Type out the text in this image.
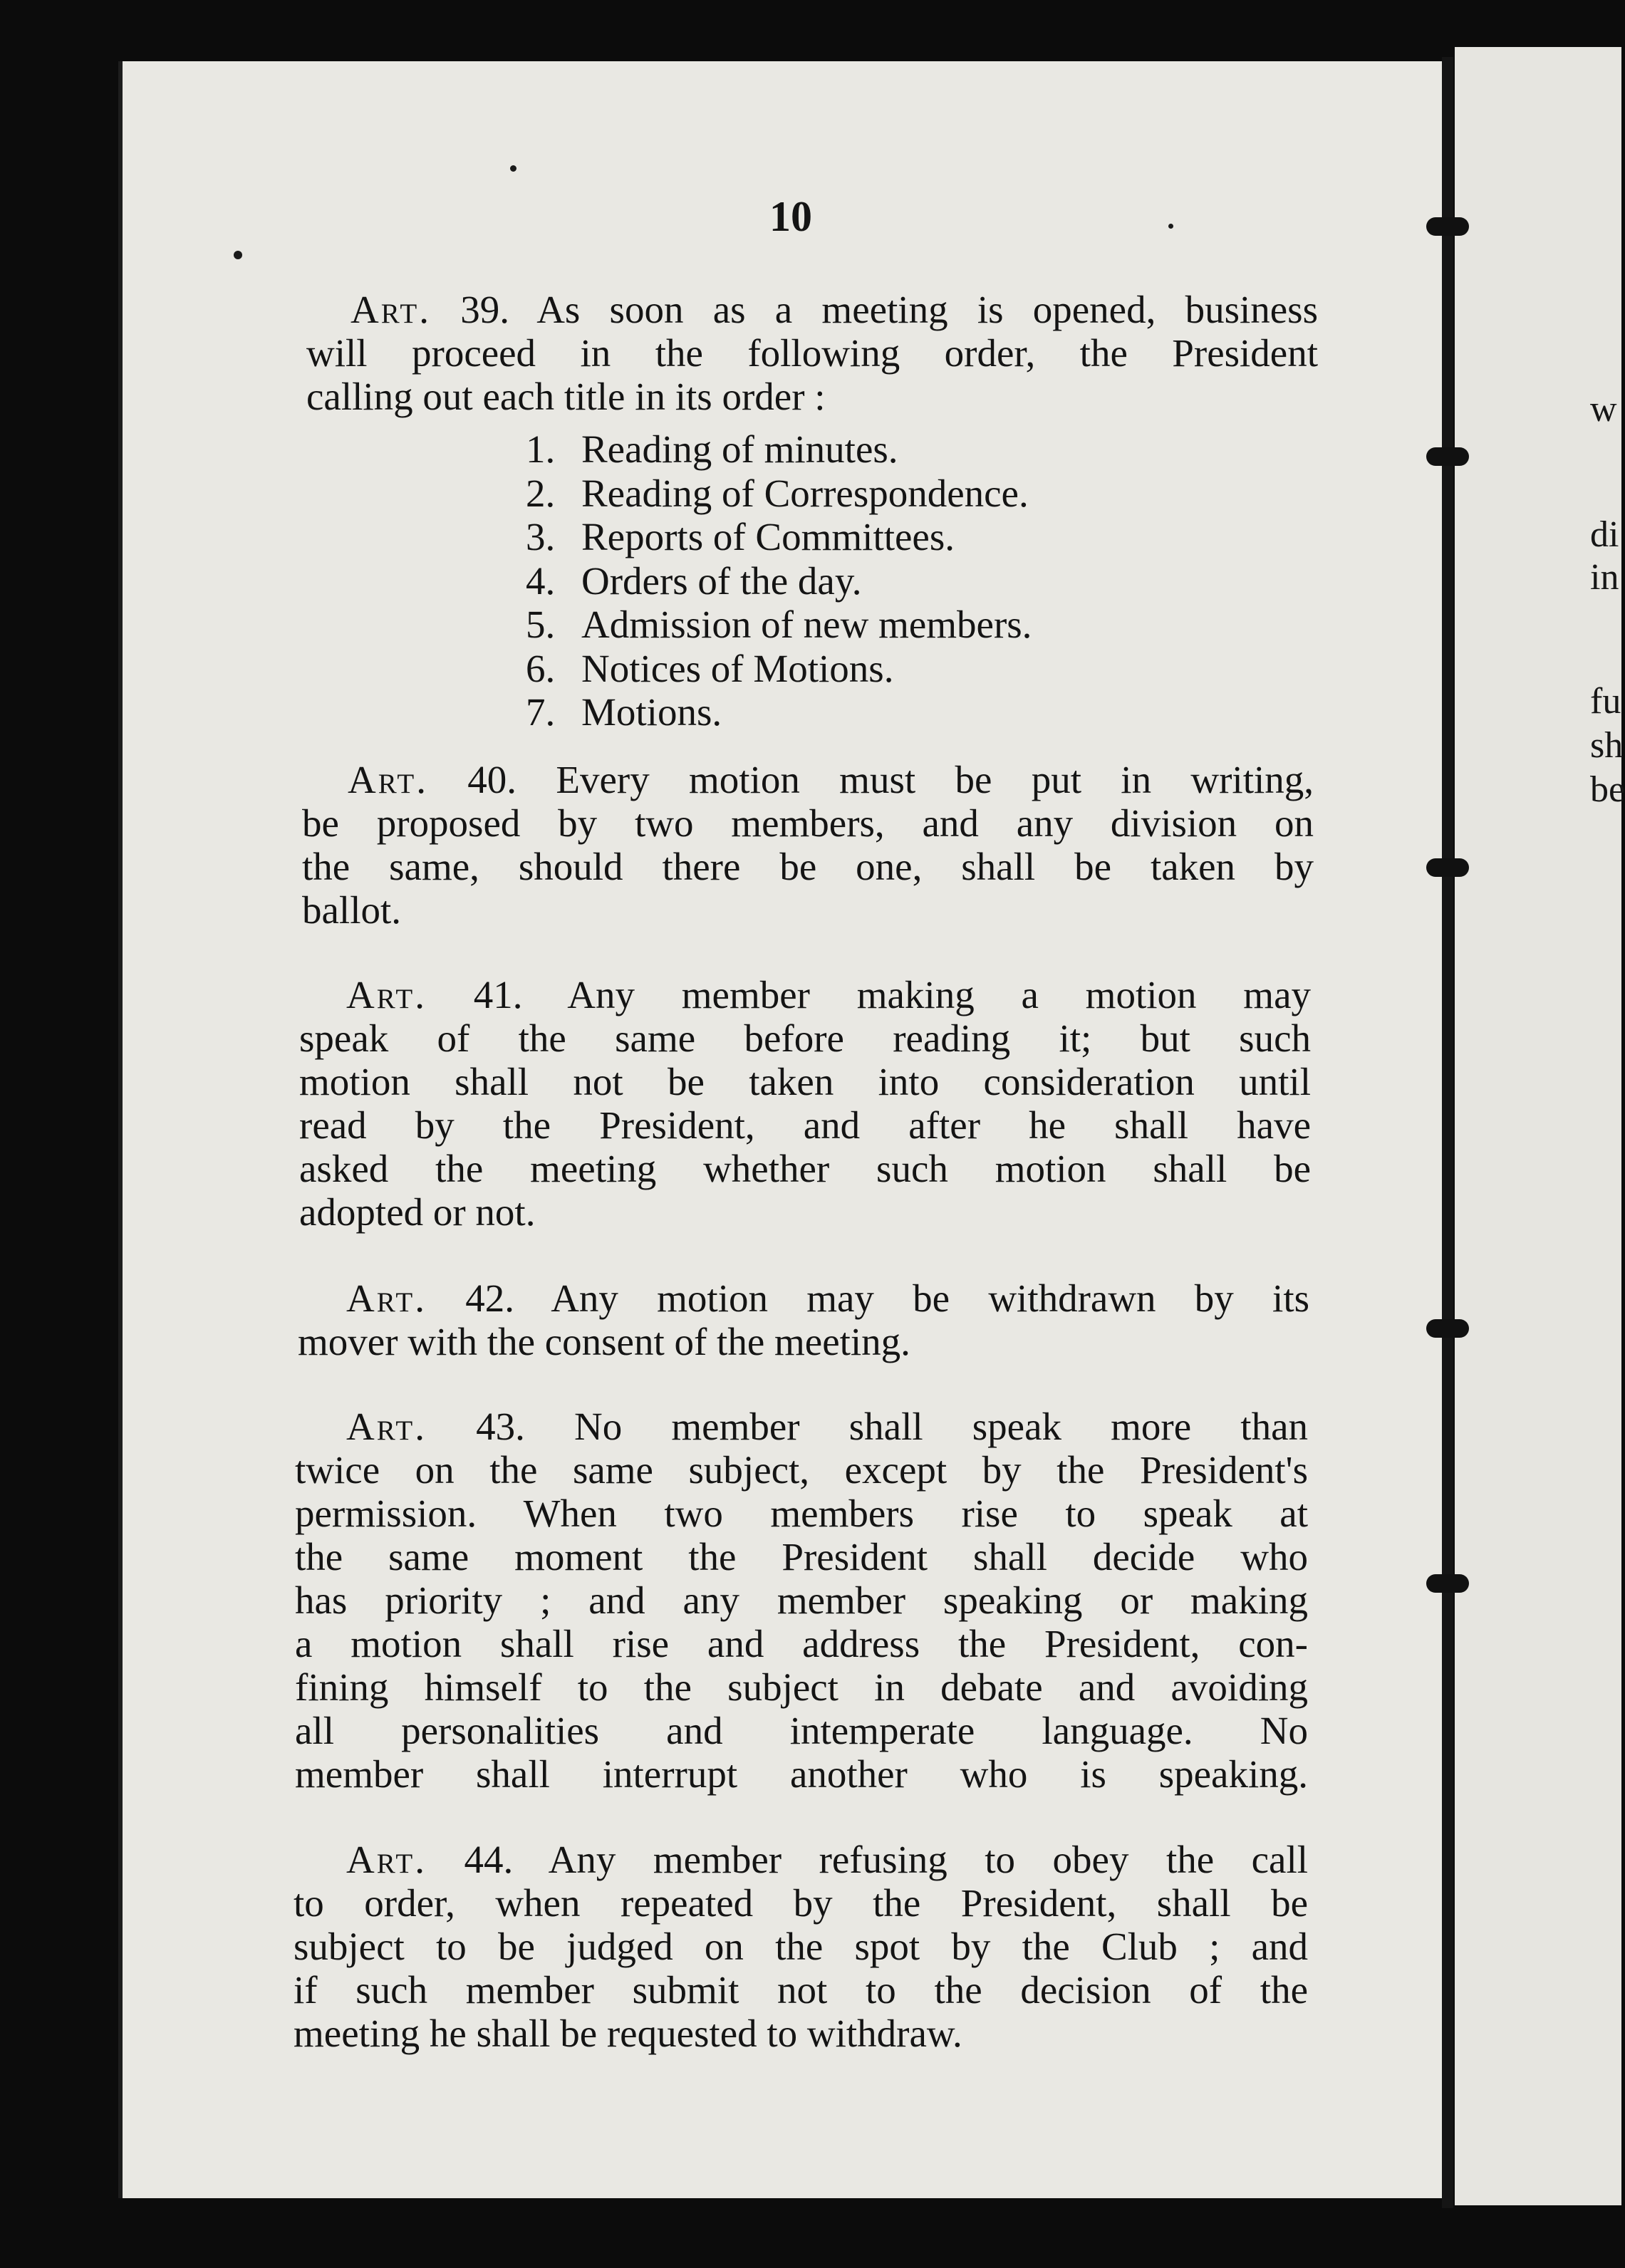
w
di
in
fu
sh
be
10
Art. 39. As soon as a meeting is opened, business
will proceed in the following order, the President
calling out each title in its order :
1. Reading of minutes.
2. Reading of Correspondence.
3. Reports of Committees.
4. Orders of the day.
5. Admission of new members.
6. Notices of Motions.
7. Motions.
Art. 40. Every motion must be put in writing,
be proposed by two members, and any division on
the same, should there be one, shall be taken by
ballot.
Art. 41. Any member making a motion may
speak of the same before reading it; but such
motion shall not be taken into consideration until
read by the President, and after he shall have
asked the meeting whether such motion shall be
adopted or not.
Art. 42. Any motion may be withdrawn by its
mover with the consent of the meeting.
Art. 43. No member shall speak more than
twice on the same subject, except by the President's
permission. When two members rise to speak at
the same moment the President shall decide who
has priority ; and any member speaking or making
a motion shall rise and address the President, con-
fining himself to the subject in debate and avoiding
all personalities and intemperate language. No
member shall interrupt another who is speaking.
Art. 44. Any member refusing to obey the call
to order, when repeated by the President, shall be
subject to be judged on the spot by the Club ; and
if such member submit not to the decision of the
meeting he shall be requested to withdraw.
